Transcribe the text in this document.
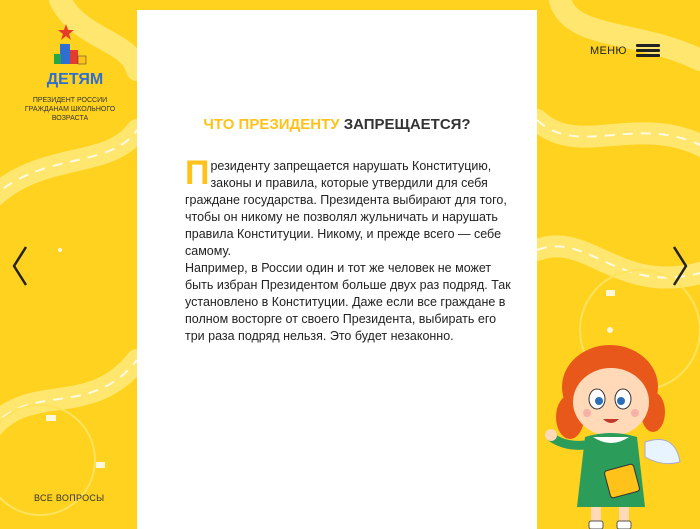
ДЕТЯМ
ПРЕЗИДЕНТ РОССИИ ГРАЖДАНАМ ШКОЛЬНОГО ВОЗРАСТА
МЕНЮ
ВСЕ ВОПРОСЫ
ЧТО ПРЕЗИДЕНТУ ЗАПРЕЩАЕТСЯ?

Президенту запрещается нарушать Конституцию, законы и правила, которые утвердили для себя граждане государства. Президента выбирают для того, чтобы он никому не позволял жульничать и нарушать правила Конституции. Никому, и прежде всего — себе самому.

Например, в России один и тот же человек не может быть избран Президентом больше двух раз подряд. Так установлено в Конституции. Даже если все граждане в полном восторге от своего Президента, выбирать его три раза подряд нельзя. Это будет незаконно.
